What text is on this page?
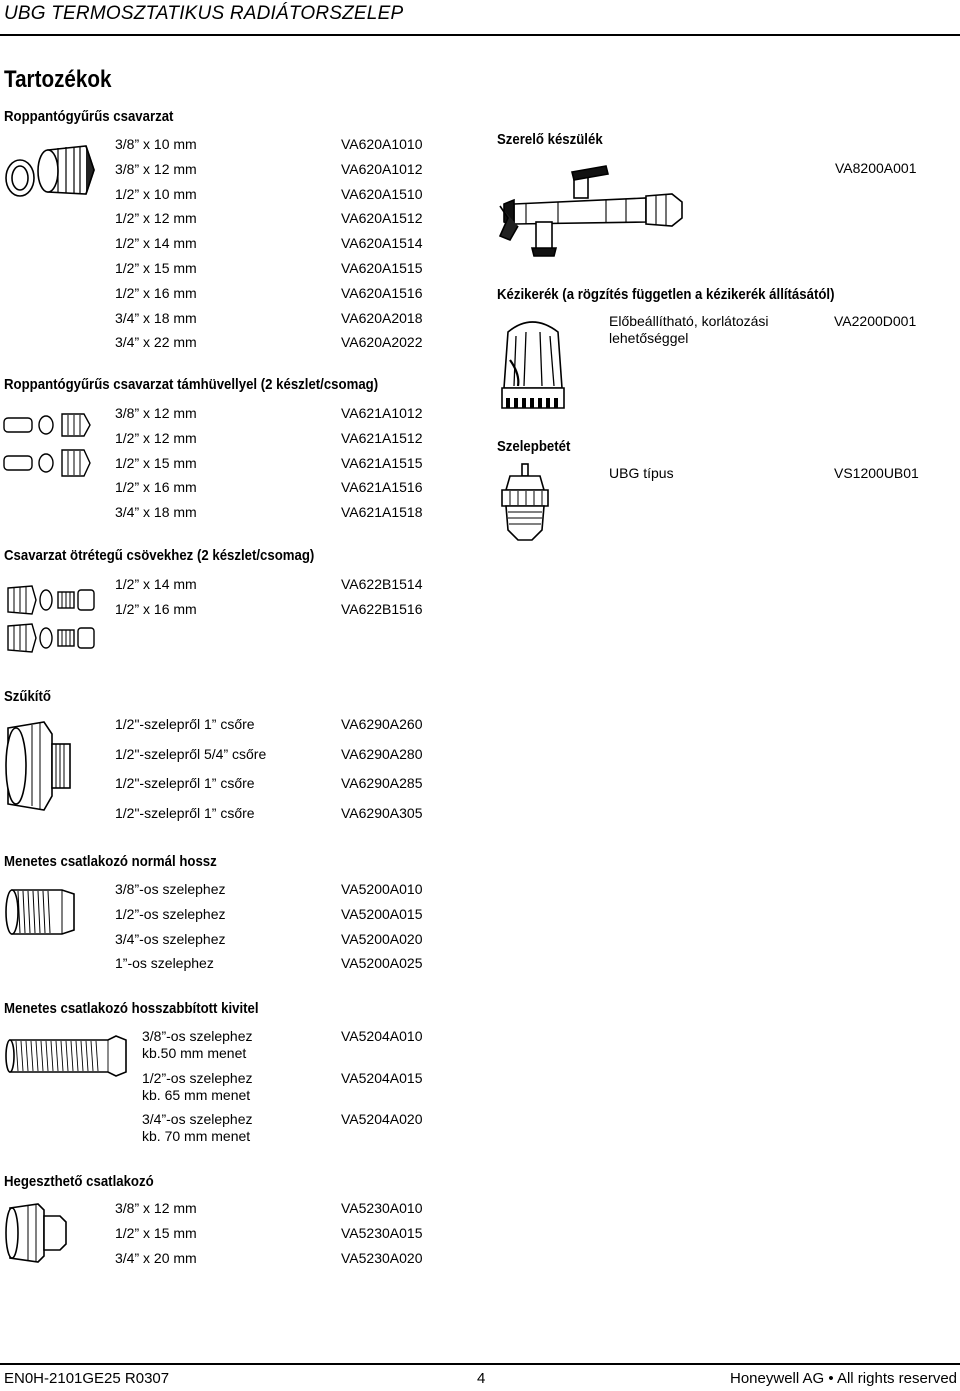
UBG TERMOSZTATIKUS RADIÁTORSZELEP
Tartozékok
Roppantógyűrűs csavarzat
3/8” x 10 mm	VA620A1010
3/8” x 12 mm	VA620A1012
1/2” x 10 mm	VA620A1510
1/2” x 12 mm	VA620A1512
1/2” x 14 mm	VA620A1514
1/2” x 15 mm	VA620A1515
1/2” x 16 mm	VA620A1516
3/4” x 18 mm	VA620A2018
3/4” x 22 mm	VA620A2022
Roppantógyűrűs csavarzat támhüvellyel (2 készlet/csomag)
3/8” x 12 mm	VA621A1012
1/2” x 12 mm	VA621A1512
1/2” x 15 mm	VA621A1515
1/2” x 16 mm	VA621A1516
3/4” x 18 mm	VA621A1518
Csavarzat ötrétegű csövekhez (2 készlet/csomag)
1/2” x 14 mm	VA622B1514
1/2” x 16 mm	VA622B1516
Szűkítő
1/2"-szelepről 1” csőre	VA6290A260
1/2"-szelepről 5/4” csőre	VA6290A280
1/2"-szelepről 1” csőre	VA6290A285
1/2"-szelepről 1” csőre	VA6290A305
Menetes csatlakozó normál hossz
3/8”-os szelephez	VA5200A010
1/2”-os szelephez	VA5200A015
3/4”-os szelephez	VA5200A020
1”-os szelephez	VA5200A025
Menetes csatlakozó hosszabbított kivitel
3/8”-os szelephez
kb.50 mm menet
VA5204A010
1/2”-os szelephez
kb. 65 mm menet
VA5204A015
3/4”-os szelephez
kb. 70 mm menet
VA5204A020
Hegeszthető csatlakozó
3/8” x 12 mm	VA5230A010
1/2” x 15 mm	VA5230A015
3/4” x 20 mm	VA5230A020
Szerelő készülék
VA8200A001
Kézikerék (a rögzítés független a kézikerék állításától)
Előbeállítható, korlátozási
lehetőséggel
VA2200D001
Szelepbetét
UBG típus	VS1200UB01
EN0H-2101GE25 R0307	4	Honeywell AG • All rights reserved
